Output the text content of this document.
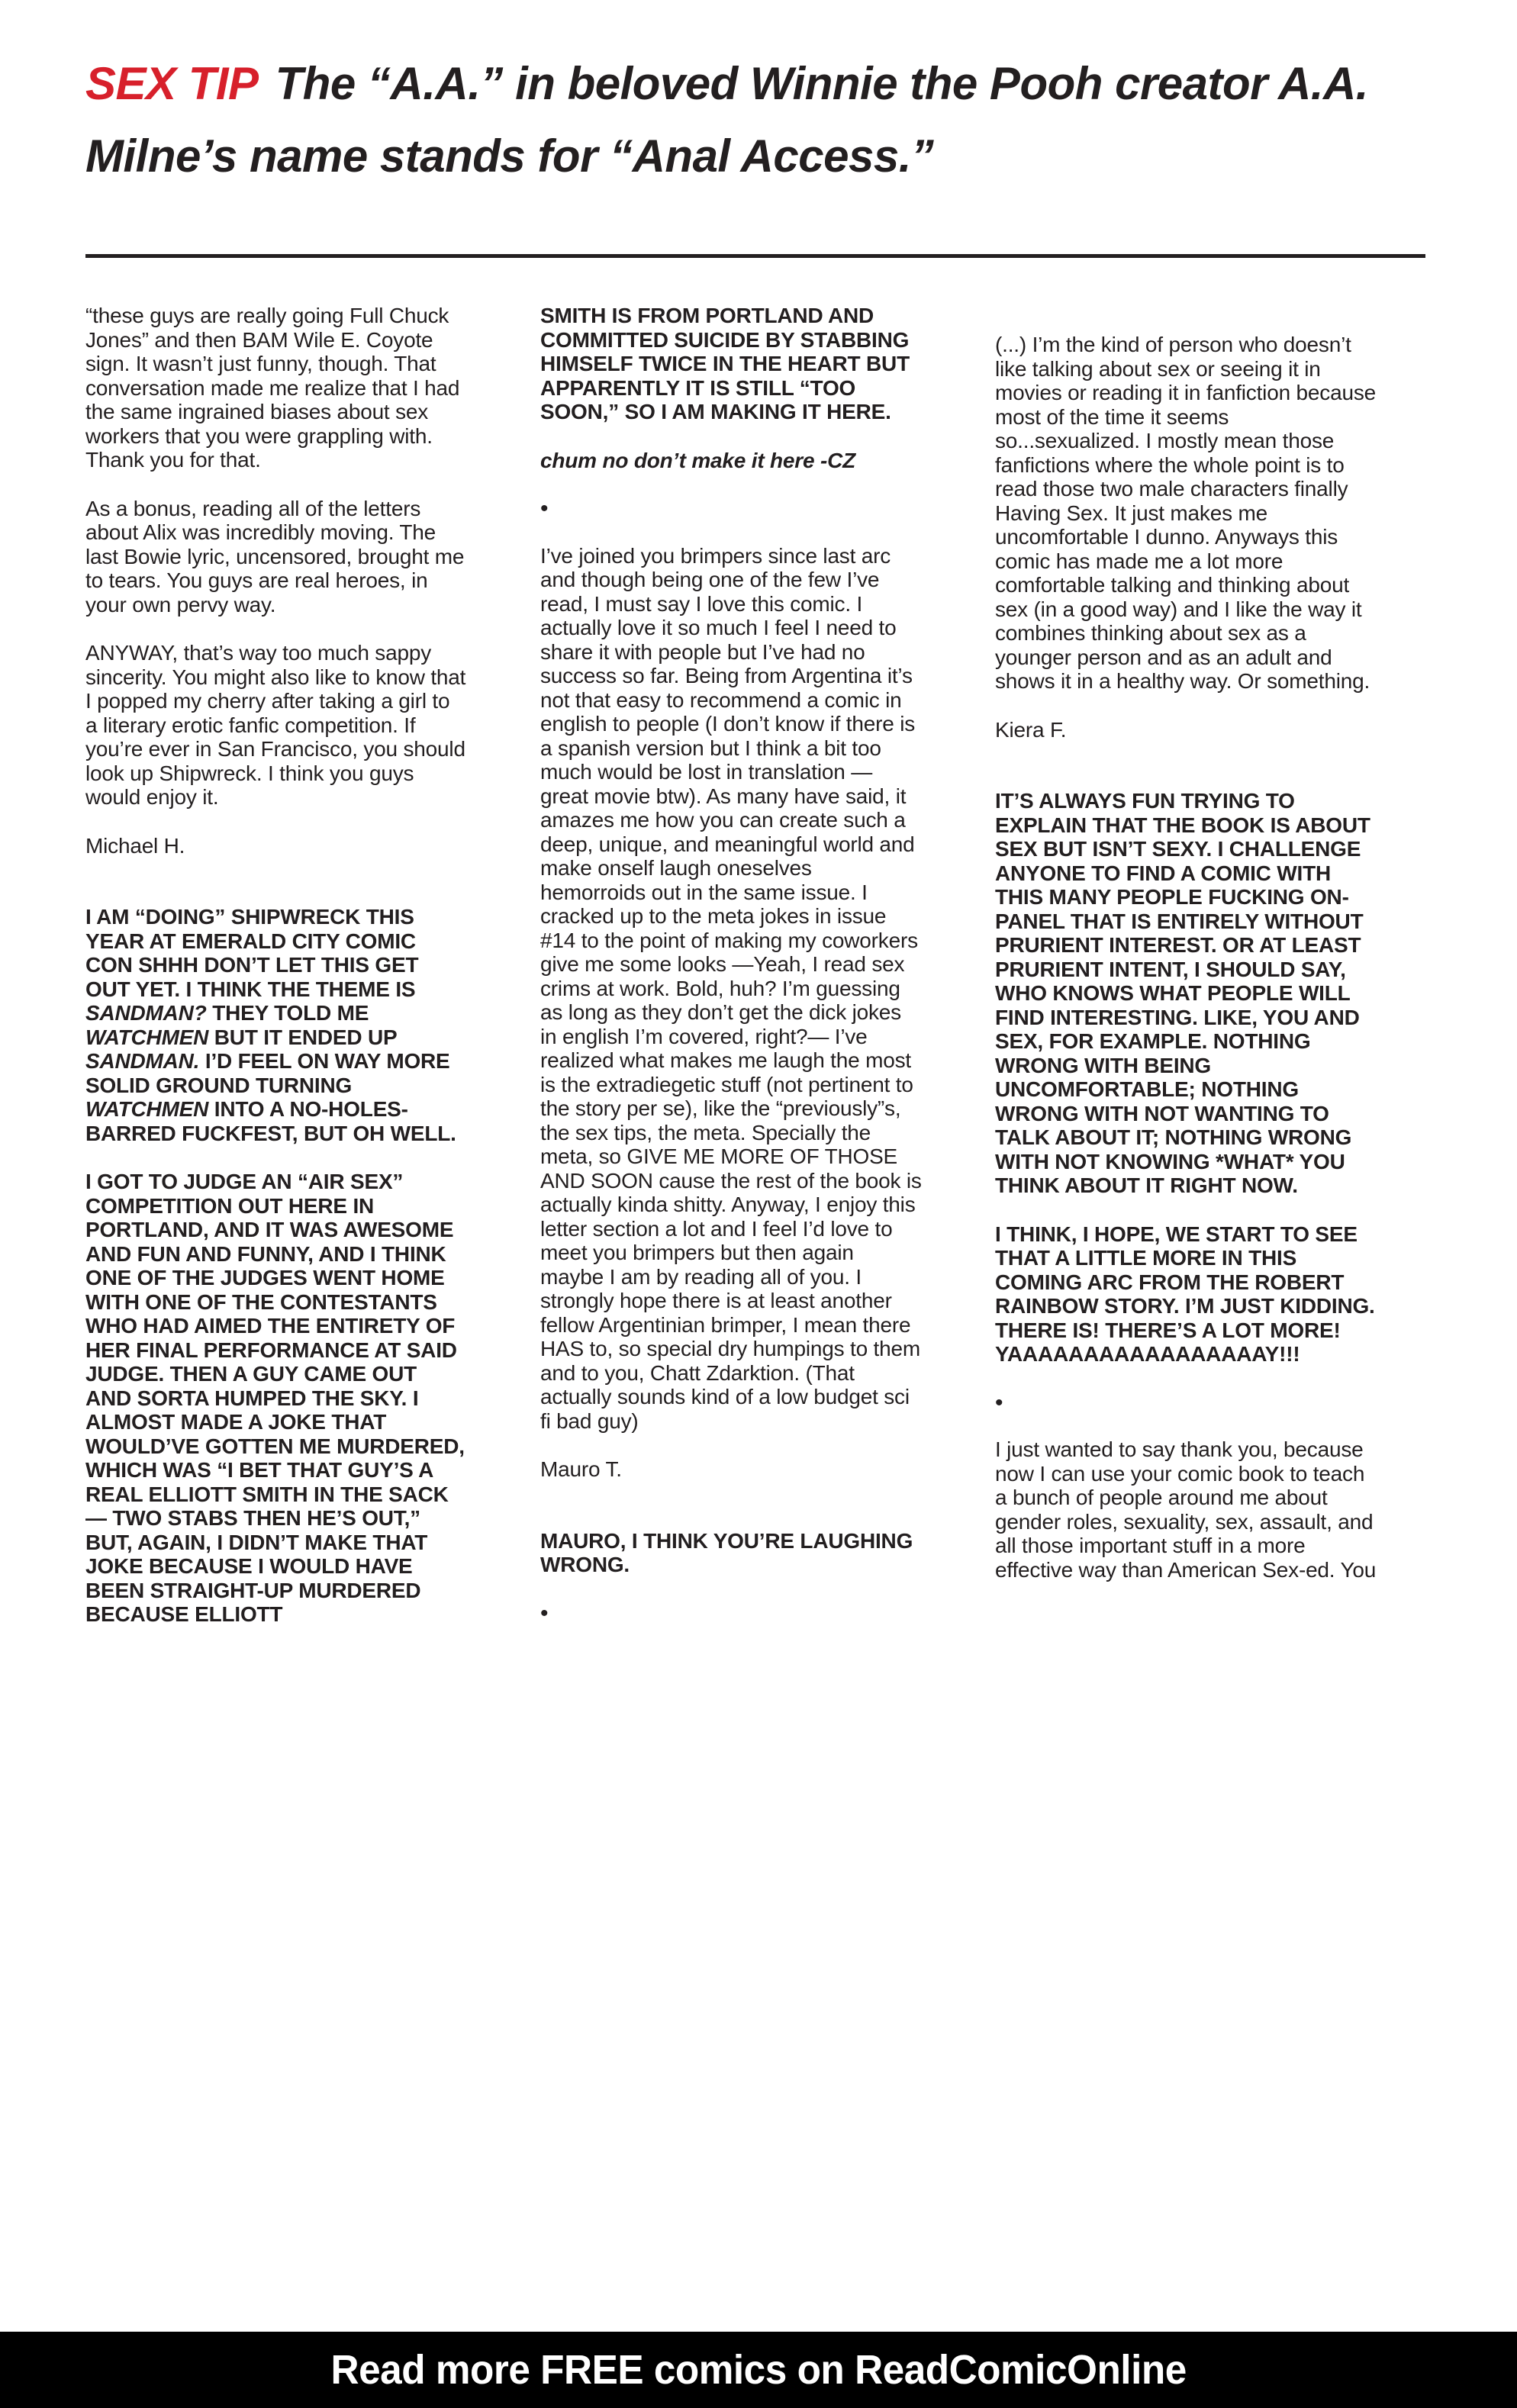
SEX TIP The “A.A.” in beloved Winnie the Pooh creator A.A. Milne’s name stands for “Anal Access.”

“these guys are really going Full Chuck Jones” and then BAM Wile E. Coyote sign. It wasn’t just funny, though. That conversation made me realize that I had the same ingrained biases about sex workers that you were grappling with. Thank you for that.

As a bonus, reading all of the letters about Alix was incredibly moving. The last Bowie lyric, uncensored, brought me to tears. You guys are real heroes, in your own pervy way.

ANYWAY, that’s way too much sappy sincerity. You might also like to know that I popped my cherry after taking a girl to a literary erotic fanfic competition. If you’re ever in San Francisco, you should look up Shipwreck. I think you guys would enjoy it.

Michael H.

I AM “DOING” SHIPWRECK THIS YEAR AT EMERALD CITY COMIC CON SHHH DON’T LET THIS GET OUT YET. I THINK THE THEME IS SANDMAN? THEY TOLD ME WATCHMEN BUT IT ENDED UP SANDMAN. I’D FEEL ON WAY MORE SOLID GROUND TURNING WATCHMEN INTO A NO-HOLES-BARRED FUCKFEST, BUT OH WELL.

I GOT TO JUDGE AN “AIR SEX” COMPETITION OUT HERE IN PORTLAND, AND IT WAS AWESOME AND FUN AND FUNNY, AND I THINK ONE OF THE JUDGES WENT HOME WITH ONE OF THE CONTESTANTS WHO HAD AIMED THE ENTIRETY OF HER FINAL PERFORMANCE AT SAID JUDGE. THEN A GUY CAME OUT AND SORTA HUMPED THE SKY. I ALMOST MADE A JOKE THAT WOULD’VE GOTTEN ME MURDERED, WHICH WAS “I BET THAT GUY’S A REAL ELLIOTT SMITH IN THE SACK— TWO STABS THEN HE’S OUT,” BUT, AGAIN, I DIDN’T MAKE THAT JOKE BECAUSE I WOULD HAVE BEEN STRAIGHT-UP MURDERED BECAUSE ELLIOTT

SMITH IS FROM PORTLAND AND COMMITTED SUICIDE BY STABBING HIMSELF TWICE IN THE HEART BUT APPARENTLY IT IS STILL “TOO SOON,” SO I AM MAKING IT HERE.

chum no don’t make it here -CZ

•

I’ve joined you brimpers since last arc and though being one of the few I’ve read, I must say I love this comic. I actually love it so much I feel I need to share it with people but I’ve had no success so far. Being from Argentina it’s not that easy to recommend a comic in english to people (I don’t know if there is a spanish version but I think a bit too much would be lost in translation — great movie btw). As many have said, it amazes me how you can create such a deep, unique, and meaningful world and make onself laugh oneselves hemorroids out in the same issue. I cracked up to the meta jokes in issue #14 to the point of making my coworkers give me some looks —Yeah, I read sex crims at work. Bold, huh? I’m guessing as long as they don’t get the dick jokes in english I’m covered, right?— I’ve realized what makes me laugh the most is the extradiegetic stuff (not pertinent to the story per se), like the “previously”s, the sex tips, the meta. Specially the meta, so GIVE ME MORE OF THOSE AND SOON cause the rest of the book is actually kinda shitty. Anyway, I enjoy this letter section a lot and I feel I’d love to meet you brimpers but then again maybe I am by reading all of you. I strongly hope there is at least another fellow Argentinian brimper, I mean there HAS to, so special dry humpings to them and to you, Chatt Zdarktion. (That actually sounds kind of a low budget sci fi bad guy)

Mauro T.

MAURO, I THINK YOU’RE LAUGHING WRONG.

•

(...) I’m the kind of person who doesn’t like talking about sex or seeing it in movies or reading it in fanfiction because most of the time it seems so...sexualized. I mostly mean those fanfictions where the whole point is to read those two male characters finally Having Sex. It just makes me uncomfortable I dunno. Anyways this comic has made me a lot more comfortable talking and thinking about sex (in a good way) and I like the way it combines thinking about sex as a younger person and as an adult and shows it in a healthy way. Or something.

Kiera F.

IT’S ALWAYS FUN TRYING TO EXPLAIN THAT THE BOOK IS ABOUT SEX BUT ISN’T SEXY. I CHALLENGE ANYONE TO FIND A COMIC WITH THIS MANY PEOPLE FUCKING ON-PANEL THAT IS ENTIRELY WITHOUT PRURIENT INTEREST. OR AT LEAST PRURIENT INTENT, I SHOULD SAY, WHO KNOWS WHAT PEOPLE WILL FIND INTERESTING. LIKE, YOU AND SEX, FOR EXAMPLE. NOTHING WRONG WITH BEING UNCOMFORTABLE; NOTHING WRONG WITH NOT WANTING TO TALK ABOUT IT; NOTHING WRONG WITH NOT KNOWING *WHAT* YOU THINK ABOUT IT RIGHT NOW.

I THINK, I HOPE, WE START TO SEE THAT A LITTLE MORE IN THIS COMING ARC FROM THE ROBERT RAINBOW STORY. I’M JUST KIDDING. THERE IS! THERE’S A LOT MORE! YAAAAAAAAAAAAAAAAAY!!!

•

I just wanted to say thank you, because now I can use your comic book to teach a bunch of people around me about gender roles, sexuality, sex, assault, and all those important stuff in a more effective way than American Sex-ed. You

Read more FREE comics on ReadComicOnline
